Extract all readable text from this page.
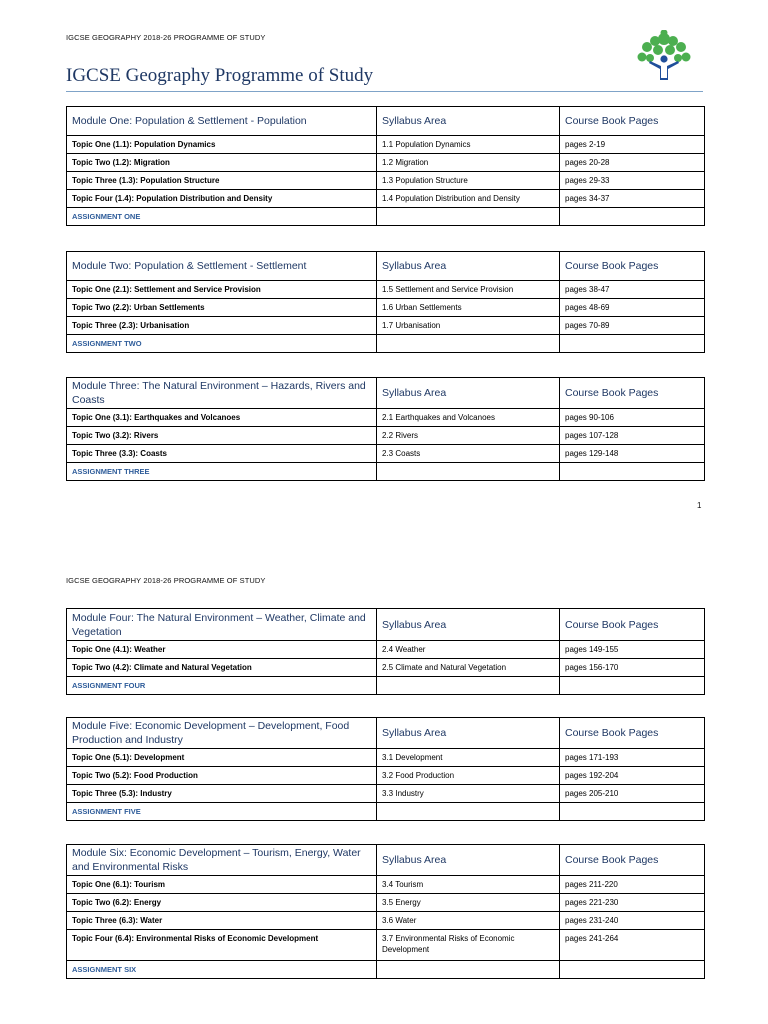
IGCSE GEOGRAPHY 2018-26 PROGRAMME OF STUDY
IGCSE Geography Programme of Study
Module One: Population & Settlement - Population	Syllabus Area	Course Book Pages
Topic One (1.1): Population Dynamics	1.1 Population Dynamics	pages 2-19
Topic Two (1.2): Migration	1.2 Migration	pages 20-28
Topic Three (1.3): Population Structure	1.3 Population Structure	pages 29-33
Topic Four (1.4): Population Distribution and Density	1.4 Population Distribution and Density	pages 34-37
ASSIGNMENT ONE		
Module Two: Population & Settlement - Settlement	Syllabus Area	Course Book Pages
Topic One (2.1): Settlement and Service Provision	1.5 Settlement and Service Provision	pages 38-47
Topic Two (2.2): Urban Settlements	1.6 Urban Settlements	pages 48-69
Topic Three (2.3): Urbanisation	1.7 Urbanisation	pages 70-89
ASSIGNMENT TWO		
Module Three: The Natural Environment – Hazards, Rivers and Coasts	Syllabus Area	Course Book Pages
Topic One (3.1): Earthquakes and Volcanoes	2.1 Earthquakes and Volcanoes	pages 90-106
Topic Two (3.2): Rivers	2.2 Rivers	pages 107-128
Topic Three (3.3): Coasts	2.3 Coasts	pages 129-148
ASSIGNMENT THREE		
1
IGCSE GEOGRAPHY 2018-26 PROGRAMME OF STUDY
Module Four: The Natural Environment – Weather, Climate and Vegetation	Syllabus Area	Course Book Pages
Topic One (4.1): Weather	2.4 Weather	pages 149-155
Topic Two (4.2): Climate and Natural Vegetation	2.5 Climate and Natural Vegetation	pages 156-170
ASSIGNMENT FOUR		
Module Five: Economic Development – Development, Food Production and Industry	Syllabus Area	Course Book Pages
Topic One (5.1): Development	3.1 Development	pages 171-193
Topic Two (5.2): Food Production	3.2 Food Production	pages 192-204
Topic Three (5.3): Industry	3.3 Industry	pages 205-210
ASSIGNMENT FIVE		
Module Six: Economic Development – Tourism, Energy, Water and Environmental Risks	Syllabus Area	Course Book Pages
Topic One (6.1): Tourism	3.4 Tourism	pages 211-220
Topic Two (6.2): Energy	3.5 Energy	pages 221-230
Topic Three (6.3): Water	3.6 Water	pages 231-240
Topic Four (6.4): Environmental Risks of Economic Development	3.7 Environmental Risks of Economic Development	pages 241-264
ASSIGNMENT SIX		
